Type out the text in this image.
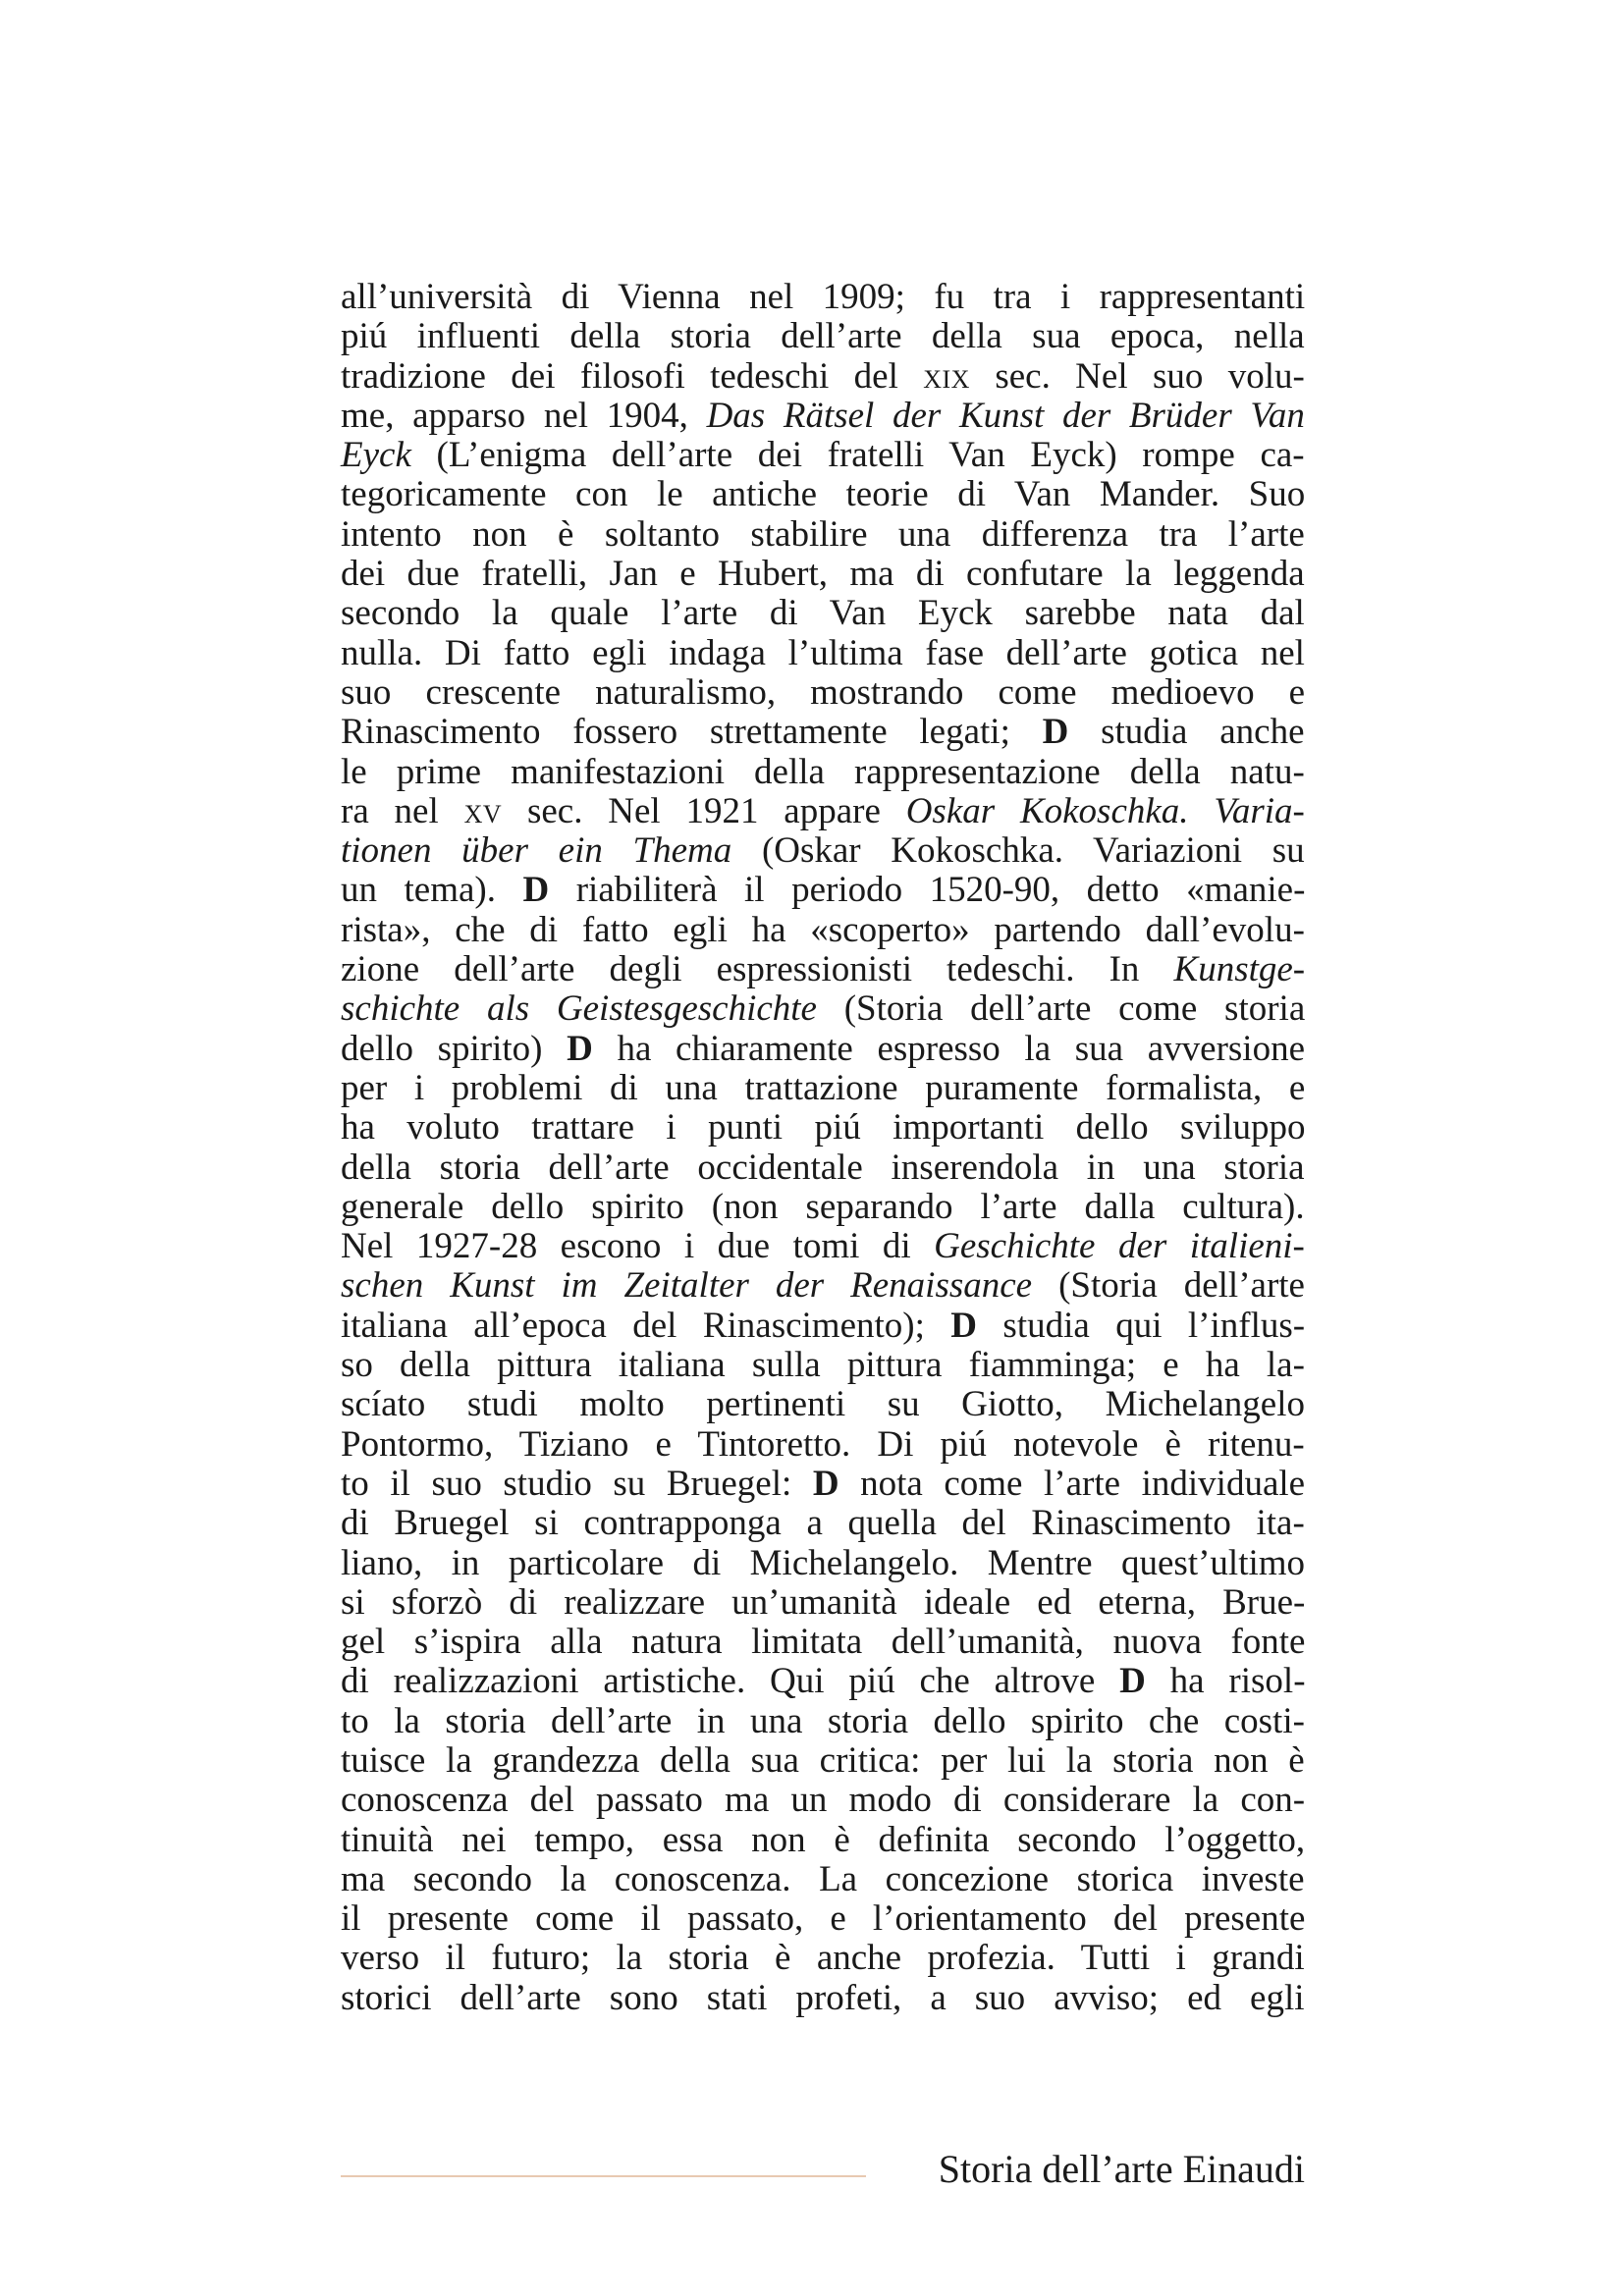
all’università di Vienna nel 1909; fu tra i rappresentanti
piú influenti della storia dell’arte della sua epoca, nella
tradizione dei filosofi tedeschi del xix sec. Nel suo volu-
me, apparso nel 1904, Das Rätsel der Kunst der Brüder Van
Eyck (L’enigma dell’arte dei fratelli Van Eyck) rompe ca-
tegoricamente con le antiche teorie di Van Mander. Suo
intento non è soltanto stabilire una differenza tra l’arte
dei due fratelli, Jan e Hubert, ma di confutare la leggenda
secondo la quale l’arte di Van Eyck sarebbe nata dal
nulla. Di fatto egli indaga l’ultima fase dell’arte gotica nel
suo crescente naturalismo, mostrando come medioevo e
Rinascimento fossero strettamente legati; D studia anche
le prime manifestazioni della rappresentazione della natu-
ra nel xv sec. Nel 1921 appare Oskar Kokoschka. Varia-
tionen über ein Thema (Oskar Kokoschka. Variazioni su
un tema). D riabiliterà il periodo 1520-90, detto «manie-
rista», che di fatto egli ha «scoperto» partendo dall’evolu-
zione dell’arte degli espressionisti tedeschi. In Kunstge-
schichte als Geistesgeschichte (Storia dell’arte come storia
dello spirito) D ha chiaramente espresso la sua avversione
per i problemi di una trattazione puramente formalista, e
ha voluto trattare i punti piú importanti dello sviluppo
della storia dell’arte occidentale inserendola in una storia
generale dello spirito (non separando l’arte dalla cultura).
Nel 1927-28 escono i due tomi di Geschichte der italieni-
schen Kunst im Zeitalter der Renaissance (Storia dell’arte
italiana all’epoca del Rinascimento); D studia qui l’influs-
so della pittura italiana sulla pittura fiamminga; e ha la-
scíato studi molto pertinenti su Giotto, Michelangelo
Pontormo, Tiziano e Tintoretto. Di piú notevole è ritenu-
to il suo studio su Bruegel: D nota come l’arte individuale
di Bruegel si contrapponga a quella del Rinascimento ita-
liano, in particolare di Michelangelo. Mentre quest’ultimo
si sforzò di realizzare un’umanità ideale ed eterna, Brue-
gel s’ispira alla natura limitata dell’umanità, nuova fonte
di realizzazioni artistiche. Qui piú che altrove D ha risol-
to la storia dell’arte in una storia dello spirito che costi-
tuisce la grandezza della sua critica: per lui la storia non è
conoscenza del passato ma un modo di considerare la con-
tinuità nei tempo, essa non è definita secondo l’oggetto,
ma secondo la conoscenza. La concezione storica investe
il presente come il passato, e l’orientamento del presente
verso il futuro; la storia è anche profezia. Tutti i grandi
storici dell’arte sono stati profeti, a suo avviso; ed egli
Storia dell’arte Einaudi
